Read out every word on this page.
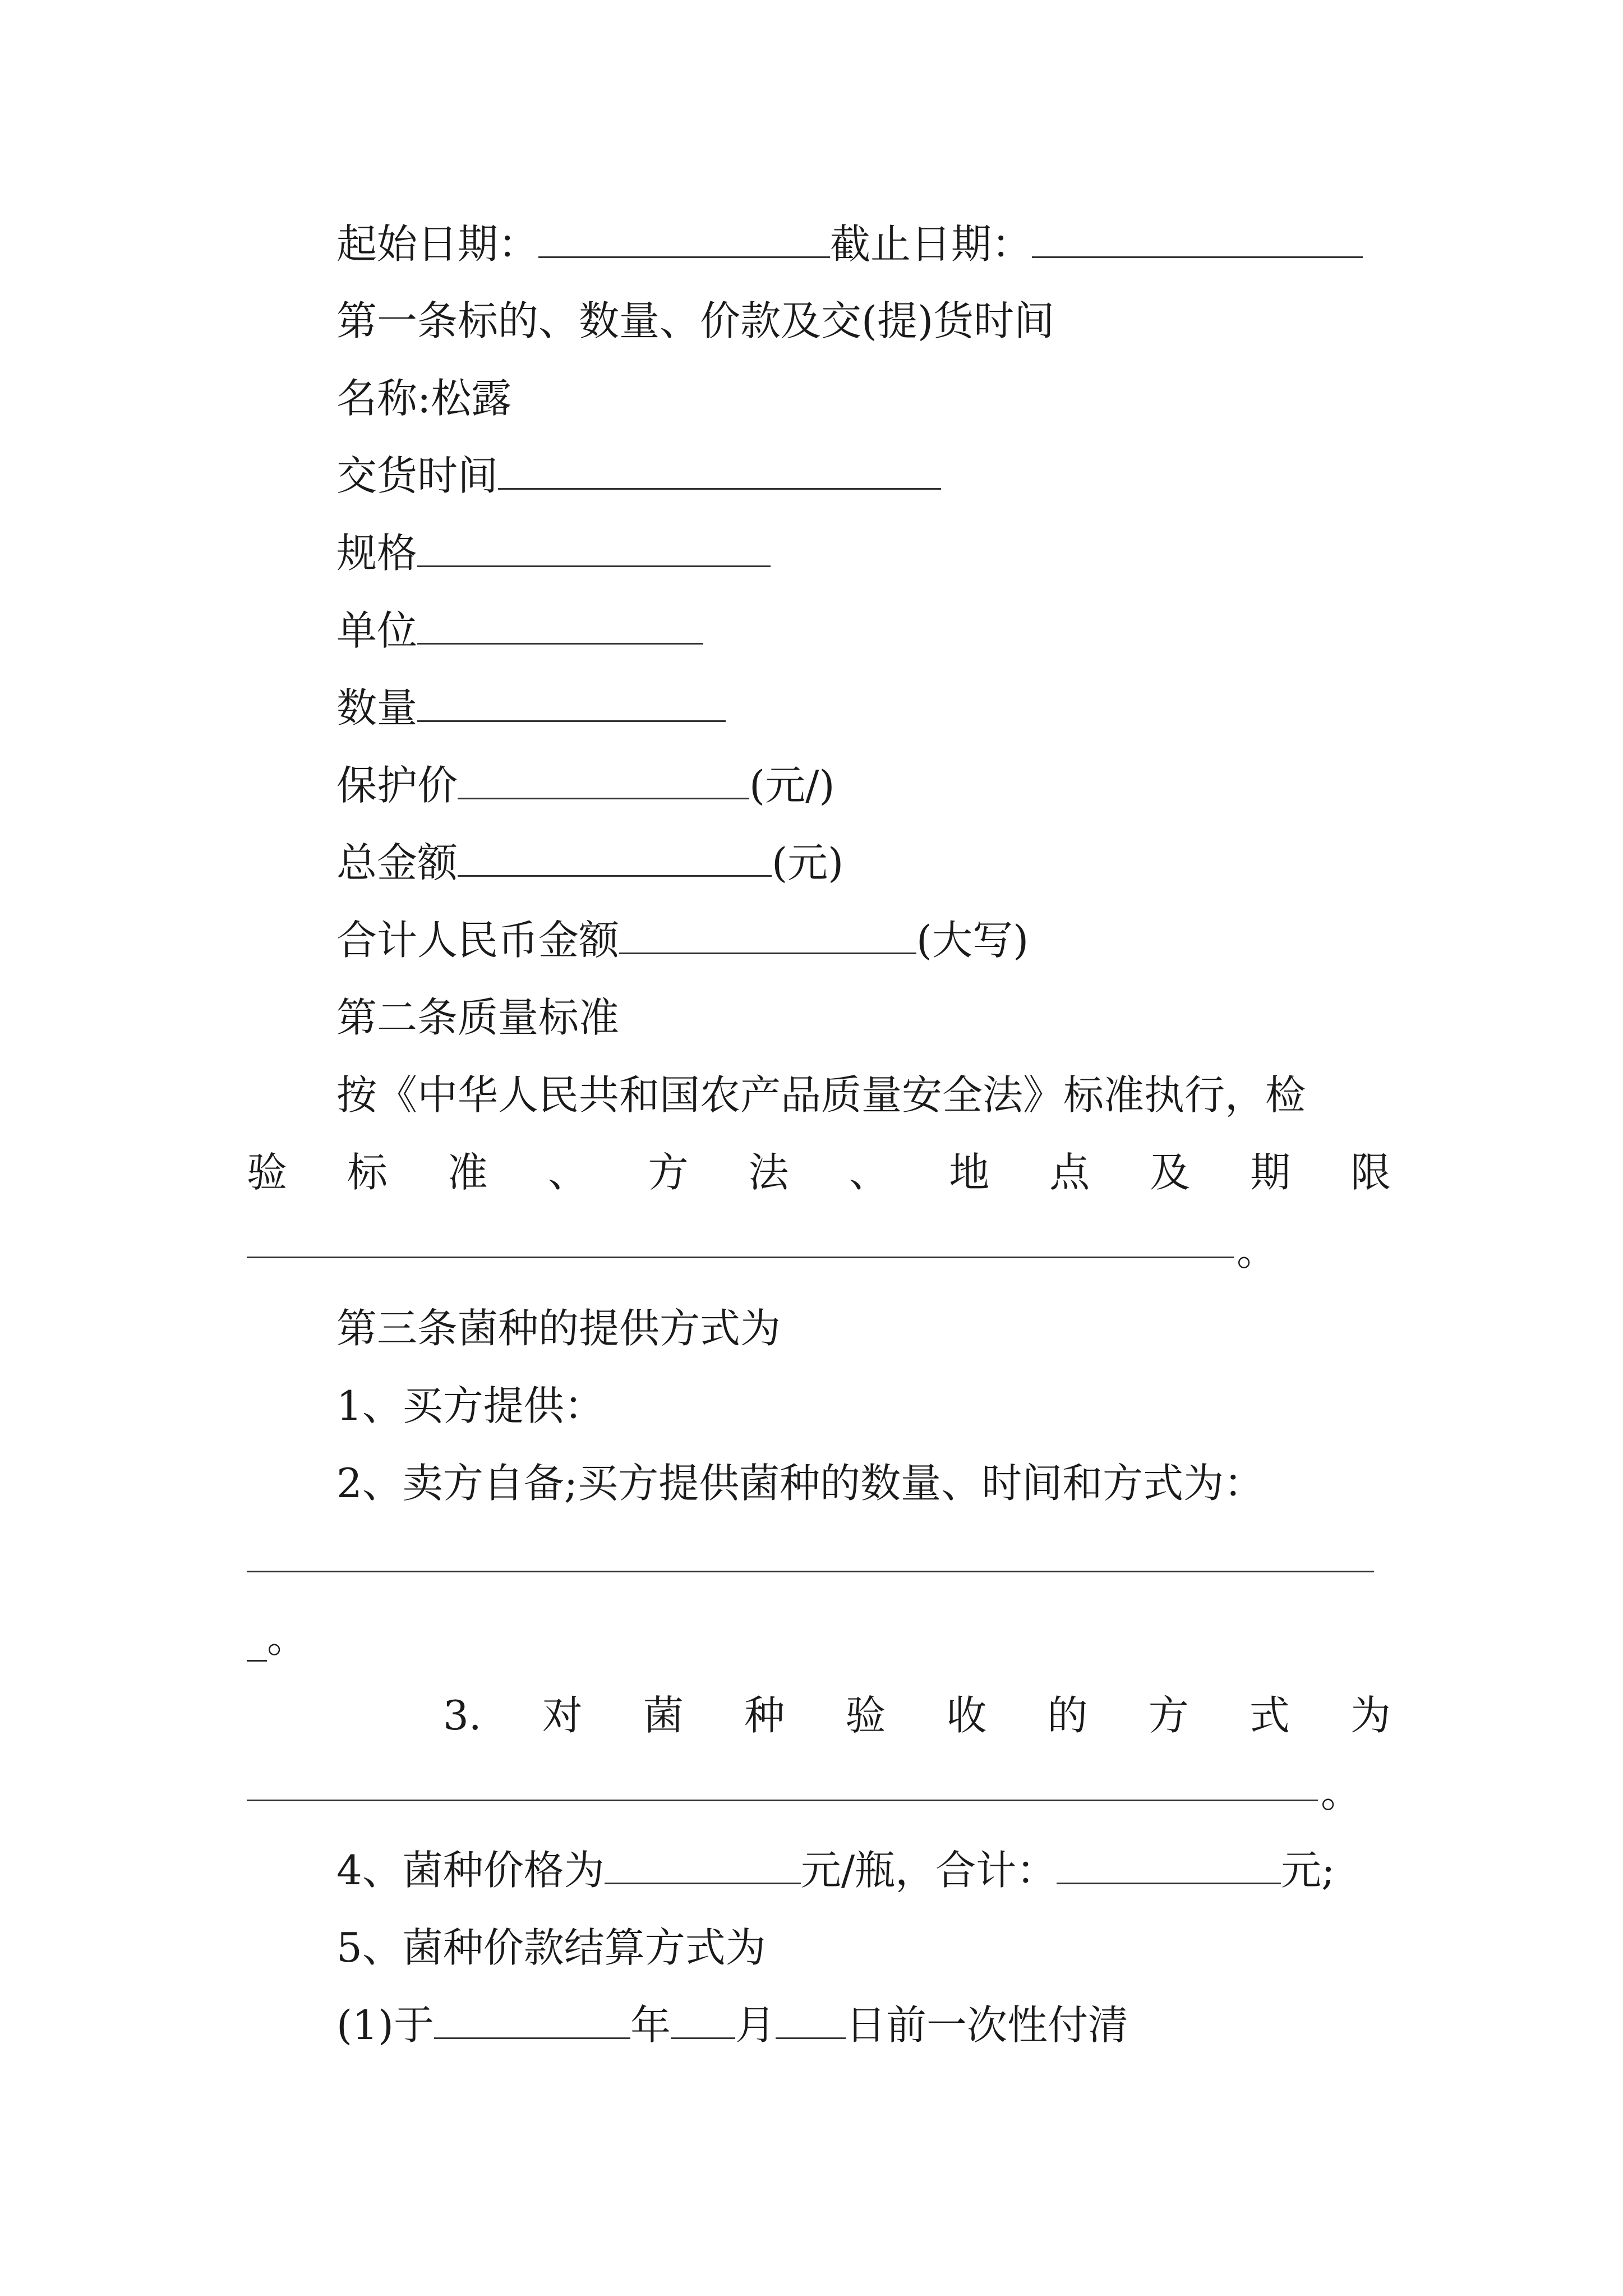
起始日期：	截止日期：
第一条标的、数量、价款及交(提)货时间
名称:松露
交货时间
规格
单位
数量
保护价	(元/)
总金额	(元)
合计人民币金额	(大写)
第二条质量标准
按《中华人民共和国农产品质量安全法》标准执行，检
验 标 准 、 方 法 、 地 点 及 期 限
。
第三条菌种的提供方式为
1、买方提供：
2、卖方自备;买方提供菌种的数量、时间和方式为：
_。
3. 对 菌 种 验 收 的 方 式 为
。
4、菌种价格为	元/瓶，合计：	元;
5、菌种价款结算方式为
(1)于	年 月 日前一次性付清
